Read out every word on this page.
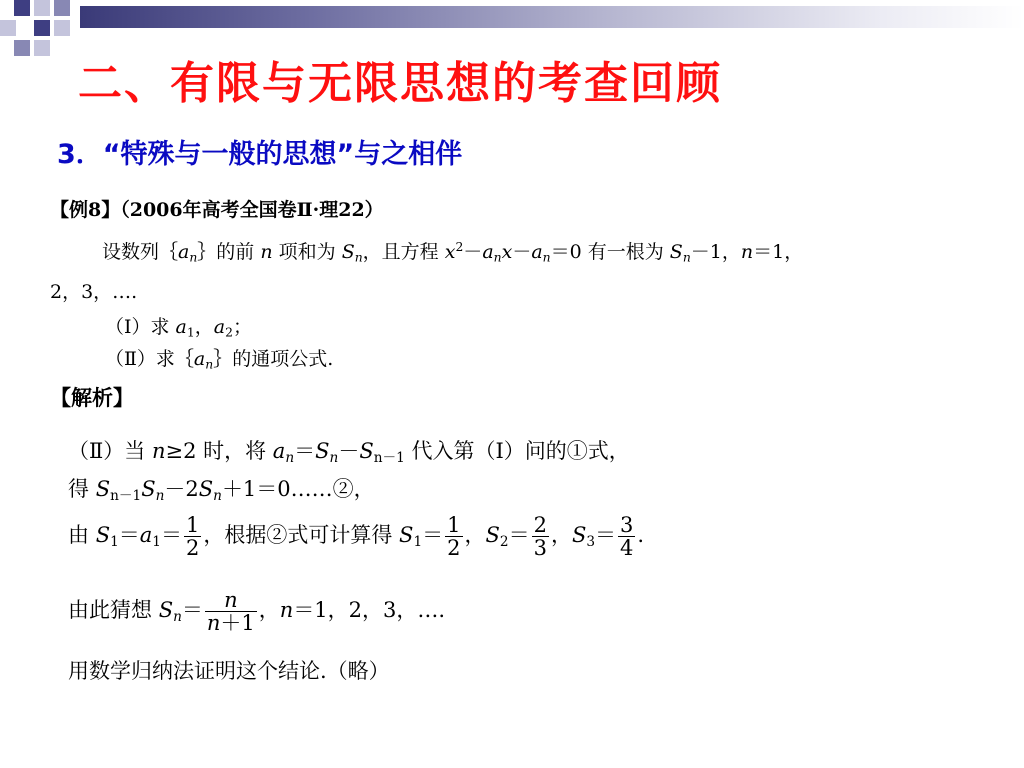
二、有限与无限思想的考查回顾
3．“特殊与一般的思想”与之相伴
【例8】（2006年高考全国卷Ⅱ·理22）
设数列$\{a_n\}$的前 n 项和为 $S_n$，且方程 $x^2-a_nx-a_n=0$ 有一根为 $S_n-1$，n＝1，
2，3，….
（Ⅰ）求 $a_1$，$a_2$；
（Ⅱ）求$\{a_n\}$的通项公式.
【解析】
（Ⅱ）当 n≥2 时，将 $a_n=S_n-S_{n-1}$ 代入第（Ⅰ）问的①式，
得 $S_{n-1}S_n-2S_n+1=0\dots\dots ②$，
由 $S_1=a_1= \frac{1}{2}$ ，根据②式可计算得 $S_1= \frac{1}{2}$ ，$S_2= \frac{2}{3}$ ，$S_3= \frac{3}{4}$ .
由此猜想 $S_n= \frac{n}{n+1}$ ，n＝1，2，3，….
用数学归纳法证明这个结论.（略）
